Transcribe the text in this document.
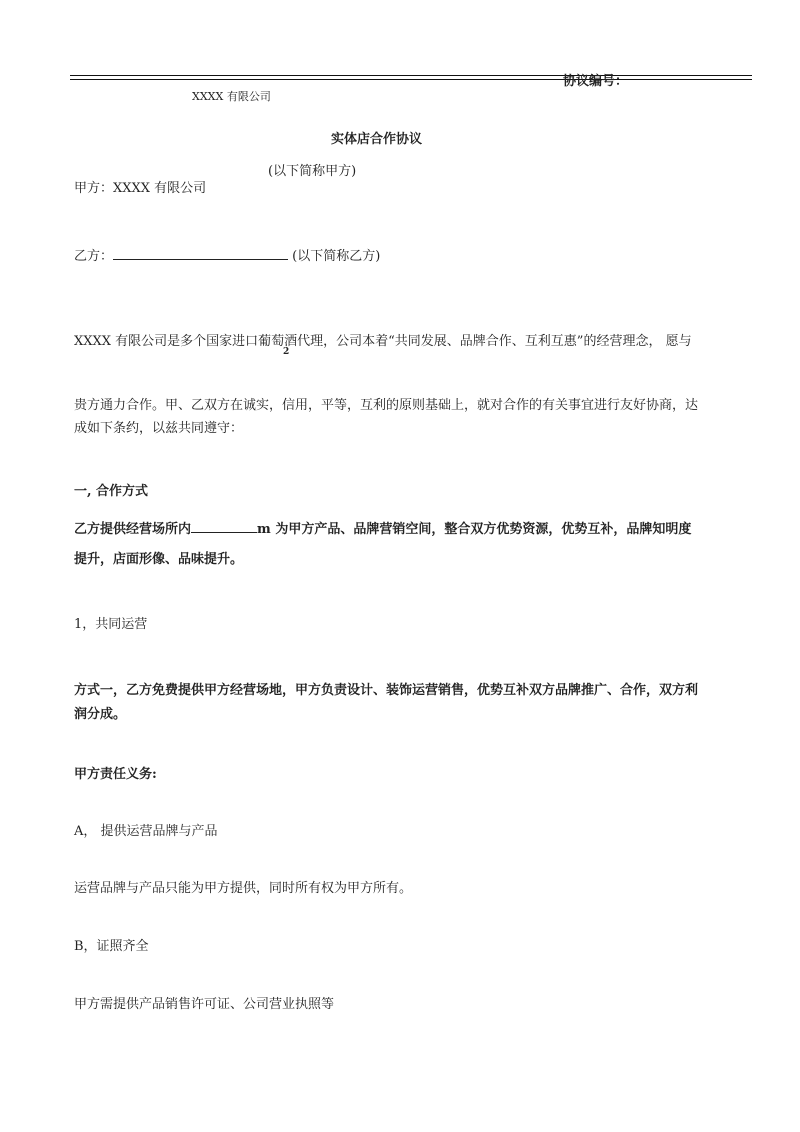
协议编号：
XXXX 有限公司
实体店合作协议
(以下简称甲方)
甲方：XXXX 有限公司
乙方：	(以下简称乙方)
XXXX 有限公司是多个国家进口葡萄酒代理，公司本着“共同发展、品牌合作、互利互惠”的经营理念， 愿与
2
贵方通力合作。甲、乙双方在诚实，信用，平等，互利的原则基础上，就对合作的有关事宜进行友好协商，达
成如下条约，以兹共同遵守：
一, 合作方式
乙方提供经营场所内	m 为甲方产品、品牌营销空间，整合双方优势资源，优势互补，品牌知明度
提升，店面形像、品味提升。
1，共同运营
方式一，乙方免费提供甲方经营场地，甲方负责设计、装饰运营销售，优势互补双方品牌推广、合作，双方利
润分成。
甲方责任义务:
A， 提供运营品牌与产品
运营品牌与产品只能为甲方提供，同时所有权为甲方所有。
B，证照齐全
甲方需提供产品销售许可证、公司营业执照等
